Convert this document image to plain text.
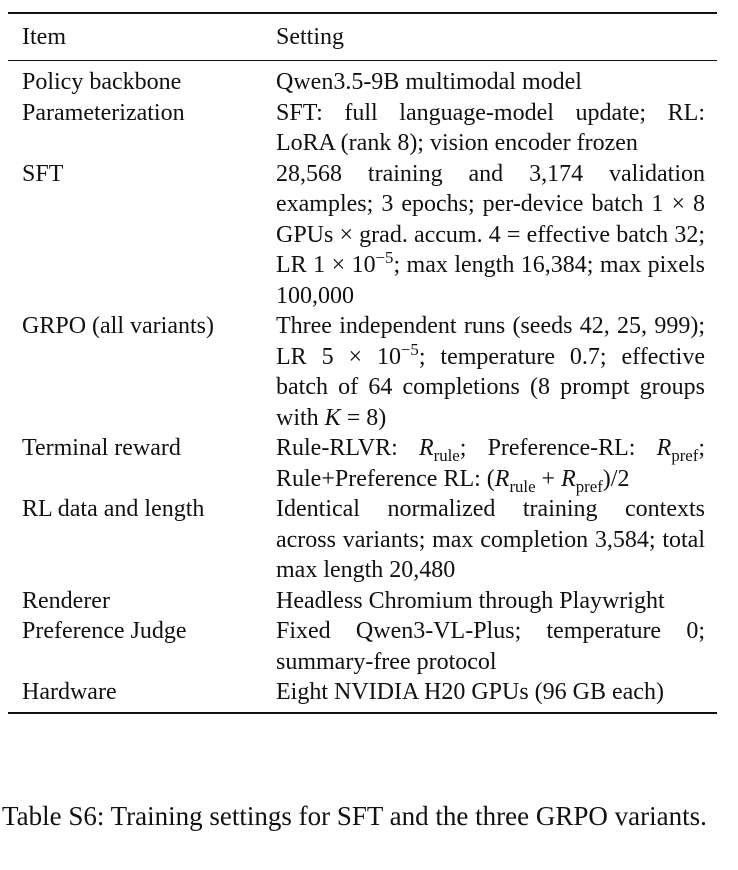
Item	Setting
Policy backbone	Qwen3.5-9B multimodal model
Parameterization	SFT: full language-model update; RL: LoRA (rank 8); vision encoder frozen
SFT	28,568 training and 3,174 validation examples; 3 epochs; per-device batch 1 × 8 GPUs × grad. accum. 4 = effective batch 32; LR $1 \times 10^{-5}$; max length 16,384; max pixels 100,000
GRPO (all variants)	Three independent runs (seeds 42, 25, 999); LR $5 \times 10^{-5}$; temperature 0.7; effective batch of 64 completions (8 prompt groups with K = 8)
Terminal reward	Rule-RLVR: $R_{rule}$; Preference-RL: $R_{pref}$; Rule+Preference RL: $(R_{rule} + R_{pref})/2$
RL data and length	Identical normalized training contexts across variants; max completion 3,584; total max length 20,480
Renderer	Headless Chromium through Playwright
Preference Judge	Fixed Qwen3-VL-Plus; temperature 0; summary-free protocol
Hardware	Eight NVIDIA H20 GPUs (96 GB each)
Table S6: Training settings for SFT and the three GRPO variants.
